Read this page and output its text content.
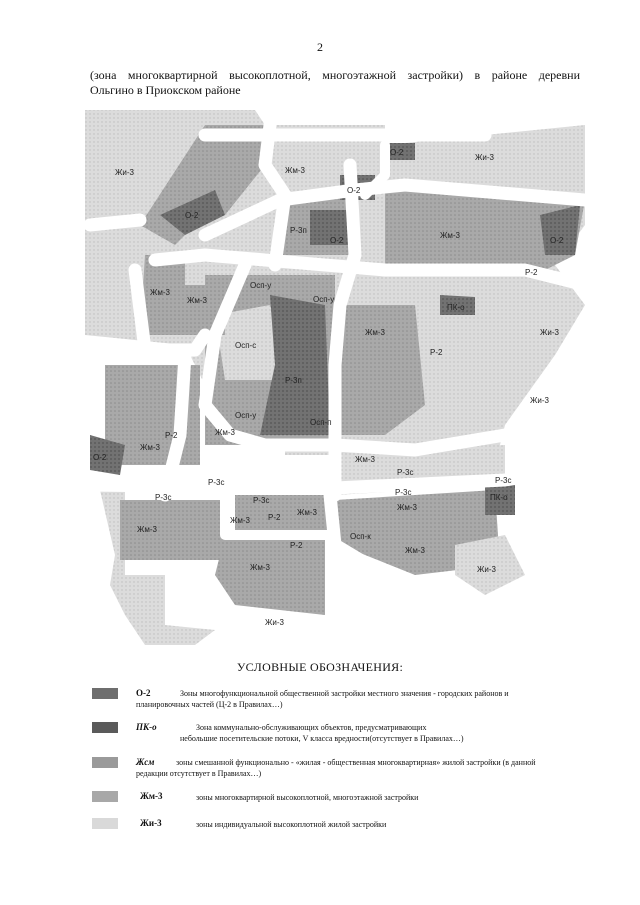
2
(зона многоквартирной высокоплотной, многоэтажной застройки) в районе деревни

Ольгино в Приокском районе
О-2
Жи-3
Жи-3	Жм-3
О-2
О-2
Р-3п
О-2
Жм-3
О-2
Р-2
Жм-3
Жм-3
Осп-у
Осп-у
ПК-о
Жм-3	Жи-3
Осп-с
Р-2
Р-3п
Жи-3
Осп-у
Осп-п
Р-2	Жм-3
Жм-3
О-2	Жм-3
Р-3с
Р-3с	Р-3с
Р-3с	Р-3с
Р-3с
ПК-о
Жм-3
Жм-3
Жм-3 Р-2
Жм-3
Осп-к
Р-2
Жм-3
Жм-3	Жи-3
Жи-3
УСЛОВНЫЕ ОБОЗНАЧЕНИЯ:
О-2	Зоны многофункциональной общественной застройки местного значения - городских районов и
планировочных частей (Ц-2 в Правилах…)
ПК-о	Зона коммунально-обслуживающих объектов, предусматривающих
небольшие посетительские потоки, V класса вредности(отсутствует в Правилах…)
Жсм	зоны смешанной функционально - «жилая - общественная многоквартирная» жилой застройки (в данной
редакции отсутствует в Правилах…)
Жм-3	зоны многоквартирной высокоплотной, многоэтажной застройки
Жи-3	зоны индивидуальной высокоплотной жилой застройки
